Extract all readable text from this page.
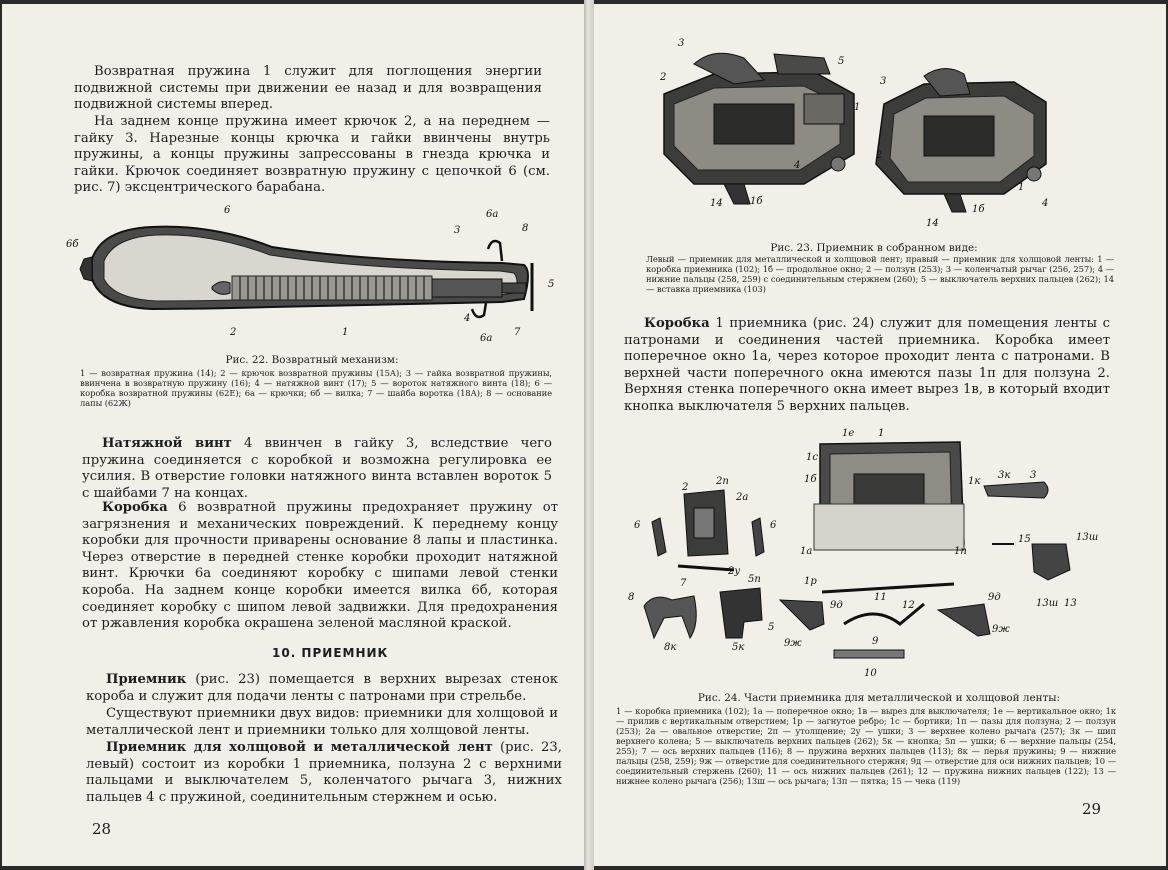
Возвратная пружина 1 служит для поглощения энергии подвижной системы при движении ее назад и для возвращения подвижной системы вперед.

На заднем конце пружина имеет крючок 2, а на переднем — гайку 3. Нарезные концы крючка и гайки ввинчены внутрь пружины, а концы пружины запрессованы в гнезда крючка и гайки. Крючок соединяет возвратную пружину с цепочкой 6 (см. рис. 7) эксцентрического барабана.

6
6б
3
6а
8
5
2	1
4
6а
7

Рис. 22. Возвратный механизм:

1 — возвратная пружина (14); 2 — крючок возвратной пружины (15А); 3 — гайка возвратной пружины, ввинчена в возвратную пружину (16); 4 — натяжной винт (17); 5 — вороток натяжного винта (18); 6 — коробка возвратной пружины (62Е); 6а — крючки; 6б — вилка; 7 — шайба воротка (18А); 8 — основание лапы (62Ж)

Натяжной винт 4 ввинчен в гайку 3, вследствие чего пружина соединяется с коробкой и возможна регулировка ее усилия. В отверстие головки натяжного винта вставлен вороток 5 с шайбами 7 на концах.

Коробка 6 возвратной пружины предохраняет пружину от загрязнения и механических повреждений. К переднему концу коробки для прочности приварены основание 8 лапы и пластинка. Через отверстие в передней стенке коробки проходит натяжной винт. Крючки 6а соединяют коробку с шипами левой стенки короба. На заднем конце коробки имеется вилка 6б, которая соединяет коробку с шипом левой задвижки. Для предохранения от ржавления коробка окрашена зеленой масляной краской.

10. ПРИЕМНИК

Приемник (рис. 23) помещается в верхних вырезах стенок короба и служит для подачи ленты с патронами при стрельбе.

Существуют приемники двух видов: приемники для холщовой и металлической лент и приемники только для холщовой ленты.

Приемник для холщовой и металлической лент (рис. 23, левый) состоит из коробки 1 приемника, ползуна 2 с верхними пальцами и выключателем 5, коленчатого рычага 3, нижних пальцев 4 с пружиной, соединительным стержнем и осью.

28
3
2
5
1
4
14	1б
3
2
1
4
14
1б

Рис. 23. Приемник в собранном виде:

Левый — приемник для металлической и холщовой лент; правый — приемник для холщовой ленты: 1 — коробка приемника (102); 1б — продольное окно; 2 — ползун (253); 3 — коленчатый рычаг (256, 257); 4 — нижние пальцы (258, 259) с соединительным стержнем (260); 5 — выключатель верхних пальцев (262); 14 — вставка приемника (103)

Коробка 1 приемника (рис. 24) служит для помещения ленты с патронами и соединения частей приемника. Коробка имеет поперечное окно 1а, через которое проходит лента с патронами. В верхней части поперечного окна имеются пазы 1п для ползуна 2. Верхняя стенка поперечного окна имеет вырез 1в, в который входит кнопка выключателя 5 верхних пальцев.

1е 1
1с
1б	1к
3к 3
2п
2а
2
6	6
1а	1п
15	13ш
2у
1р
5п
7
8
9д
11
12
9д
13ш 13
8к	5к	9ж	9
9ж
5
10

Рис. 24. Части приемника для металлической и холщовой ленты:

1 — коробка приемника (102); 1а — поперечное окно; 1в — вырез для выключателя; 1е — вертикальное окно; 1к — прилив с вертикальным отверстием; 1р — загнутое ребро; 1с — бортики; 1п — пазы для ползуна; 2 — ползун (253); 2а — овальное отверстие; 2п — утолщение; 2у — ушки; 3 — верхнее колено рычага (257); 3к — шип верхнего колена; 5 — выключатель верхних пальцев (262); 5к — кнопка; 5п — ушки; 6 — верхние пальцы (254, 255); 7 — ось верхних пальцев (116); 8 — пружина верхних пальцев (113); 8к — перья пружины; 9 — нижние пальцы (258, 259); 9ж — отверстие для соединительного стержня; 9д — отверстие для оси нижних пальцев; 10 — соединительный стержень (260); 11 — ось нижних пальцев (261); 12 — пружина нижних пальцев (122); 13 — нижнее колено рычага (256); 13ш — ось рычага; 13п — пятка; 15 — чека (119)

29
